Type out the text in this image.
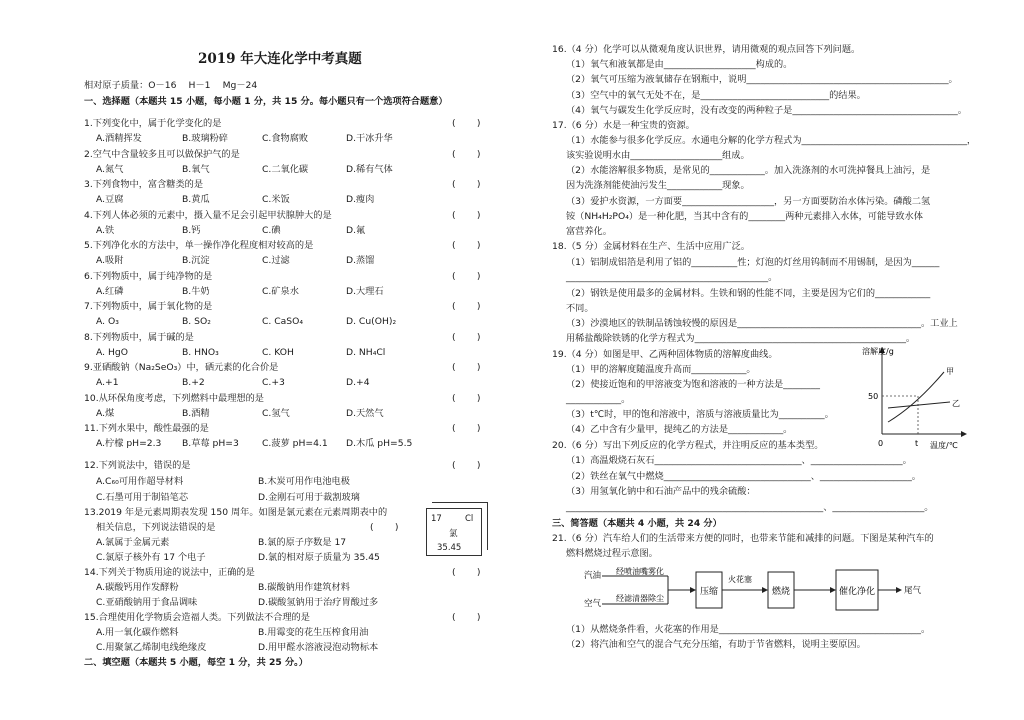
2019 年大连化学中考真题
相对原子质量：O－16　 H－1　 Mg－24
一、选择题（本题共 15 小题，每小题 1 分，共 15 分。每小题只有一个选项符合题意）
1.下列变化中，属于化学变化的是	(　　 )
A.酒精挥发	B.玻璃粉碎	C.食物腐败	D.干冰升华
2.空气中含量较多且可以做保护气的是	(　　 )
A.氮气	B.氧气	C.二氧化碳	D.稀有气体
3.下列食物中，富含糖类的是	(　　 )
A.豆腐	B.黄瓜	C.米饭	D.瘦肉
4.下列人体必须的元素中，摄入量不足会引起甲状腺肿大的是	(　　 )
A.铁	B.钙	C.碘	D.氟
5.下列净化水的方法中，单一操作净化程度相对较高的是	(　　 )
A.吸附	B.沉淀	C.过滤	D.蒸馏
6.下列物质中，属于纯净物的是	(　　 )
A.红磷	B.牛奶	C.矿泉水	D.大理石
7.下列物质中，属于氧化物的是	(　　 )
A. O₃	B. SO₂	C. CaSO₄	D. Cu(OH)₂
8.下列物质中，属于碱的是	(　　 )
A. HgO	B. HNO₃	C. KOH	D. NH₄Cl
9.亚硒酸钠（Na₂SeO₃）中，硒元素的化合价是	(　　 )
A.+1	B.+2	C.+3	D.+4
10.从环保角度考虑，下列燃料中最理想的是	(　　 )
A.煤	B.酒精	C.氢气	D.天然气
11.下列水果中，酸性最强的是	(　　 )
A.柠檬 pH=2.3 B.草莓 pH=3	C.菠萝 pH=4.1 D.木瓜 pH=5.5
12.下列说法中，错误的是	(　　 )
A.C₆₀可用作超导材料	B.木炭可用作电池电极
C.石墨可用于制铅笔芯	D.金刚石可用于裁割玻璃
13.2019 年是元素周期表发现 150 周年。如图是氯元素在元素周期表中的
相关信息，下列说法错误的是	(　　 )
A.氯属于金属元素	B.氯的原子序数是 17
C.氯原子核外有 17 个电子	D.氯的相对原子质量为 35.45
17	Cl
氯
35.45
14.下列关于物质用途的说法中，正确的是	(　　 )
A.碳酸钙用作发酵粉	B.碳酸钠用作建筑材料
C.亚硝酸钠用于食品调味	D.碳酸氢钠用于治疗胃酸过多
15.合理使用化学物质会造福人类。下列做法不合理的是	(　　 )
A.用一氧化碳作燃料	B.用霉变的花生压榨食用油
C.用聚氯乙烯制电线绝缘皮	D.用甲醛水溶液浸泡动物标本
二、填空题（本题共 5 小题，每空 1 分，共 25 分。）
16.（4 分）化学可以从微观角度认识世界，请用微观的观点回答下列问题。
（1）氧气和液氧都是由____________________构成的。
（2）氧气可压缩为液氧储存在钢瓶中，说明____________________________________________。
（3）空气中的氧气无处不在，是____________________________的结果。
（4）氧气与碳发生化学反应时，没有改变的两种粒子是____________________________________。
17.（6 分）水是一种宝贵的资源。
（1）水能参与很多化学反应。水通电分解的化学方程式为____________________________________，
该实验说明水由____________________组成。
（2）水能溶解很多物质，是常见的____________。加入洗涤剂的水可洗掉餐具上油污，是
因为洗涤剂能使油污发生____________现象。
（3）爱护水资源，一方面要____________________，另一方面要防治水体污染。磷酸二氢
铵（NH₄H₂PO₄）是一种化肥，当其中含有的________两种元素排入水体，可能导致水体
富营养化。
18.（5 分）金属材料在生产、生活中应用广泛。
（1）铝制成铝箔是利用了铝的__________性；灯泡的灯丝用钨制而不用锡制，是因为______
____________________________________________。
（2）钢铁是使用最多的金属材料。生铁和钢的性能不同，主要是因为它们的____________
不同。
（3）沙漠地区的铁制品锈蚀较慢的原因是________________________________________。工业上
用稀盐酸除铁锈的化学方程式为______________________________________________。
19.（4 分）如图是甲、乙两种固体物质的溶解度曲线。
（1）甲的溶解度随温度升高而____________。
（2）使接近饱和的甲溶液变为饱和溶液的一种方法是________
____________。
（3）t℃时，甲的饱和溶液中，溶质与溶液质量比为__________。
（4）乙中含有少量甲，提纯乙的方法是____________。
20.（6 分）写出下列反应的化学方程式，并注明反应的基本类型。
（1）高温煅烧石灰石________________________________、____________________。
（2）铁丝在氧气中燃烧________________________________、____________________。
（3）用氢氧化钠中和石油产品中的残余硫酸：
________________________________________________________、____________________。
三、简答题（本题共 4 小题，共 24 分）
21.（6 分）汽车给人们的生活带来方便的同时，也带来节能和减排的问题。下图是某种汽车的
燃料燃烧过程示意图。
（1）从燃烧条件看，火花塞的作用是____________________________________________。
（2）将汽油和空气的混合气充分压缩，有助于节省燃料，说明主要原因。
溶解度/g
温度/℃
50
0	t
甲
乙
汽油 经喷油嘴雾化
空气
经滤清器除尘
压缩
火花塞
燃烧	催化净化	尾气
